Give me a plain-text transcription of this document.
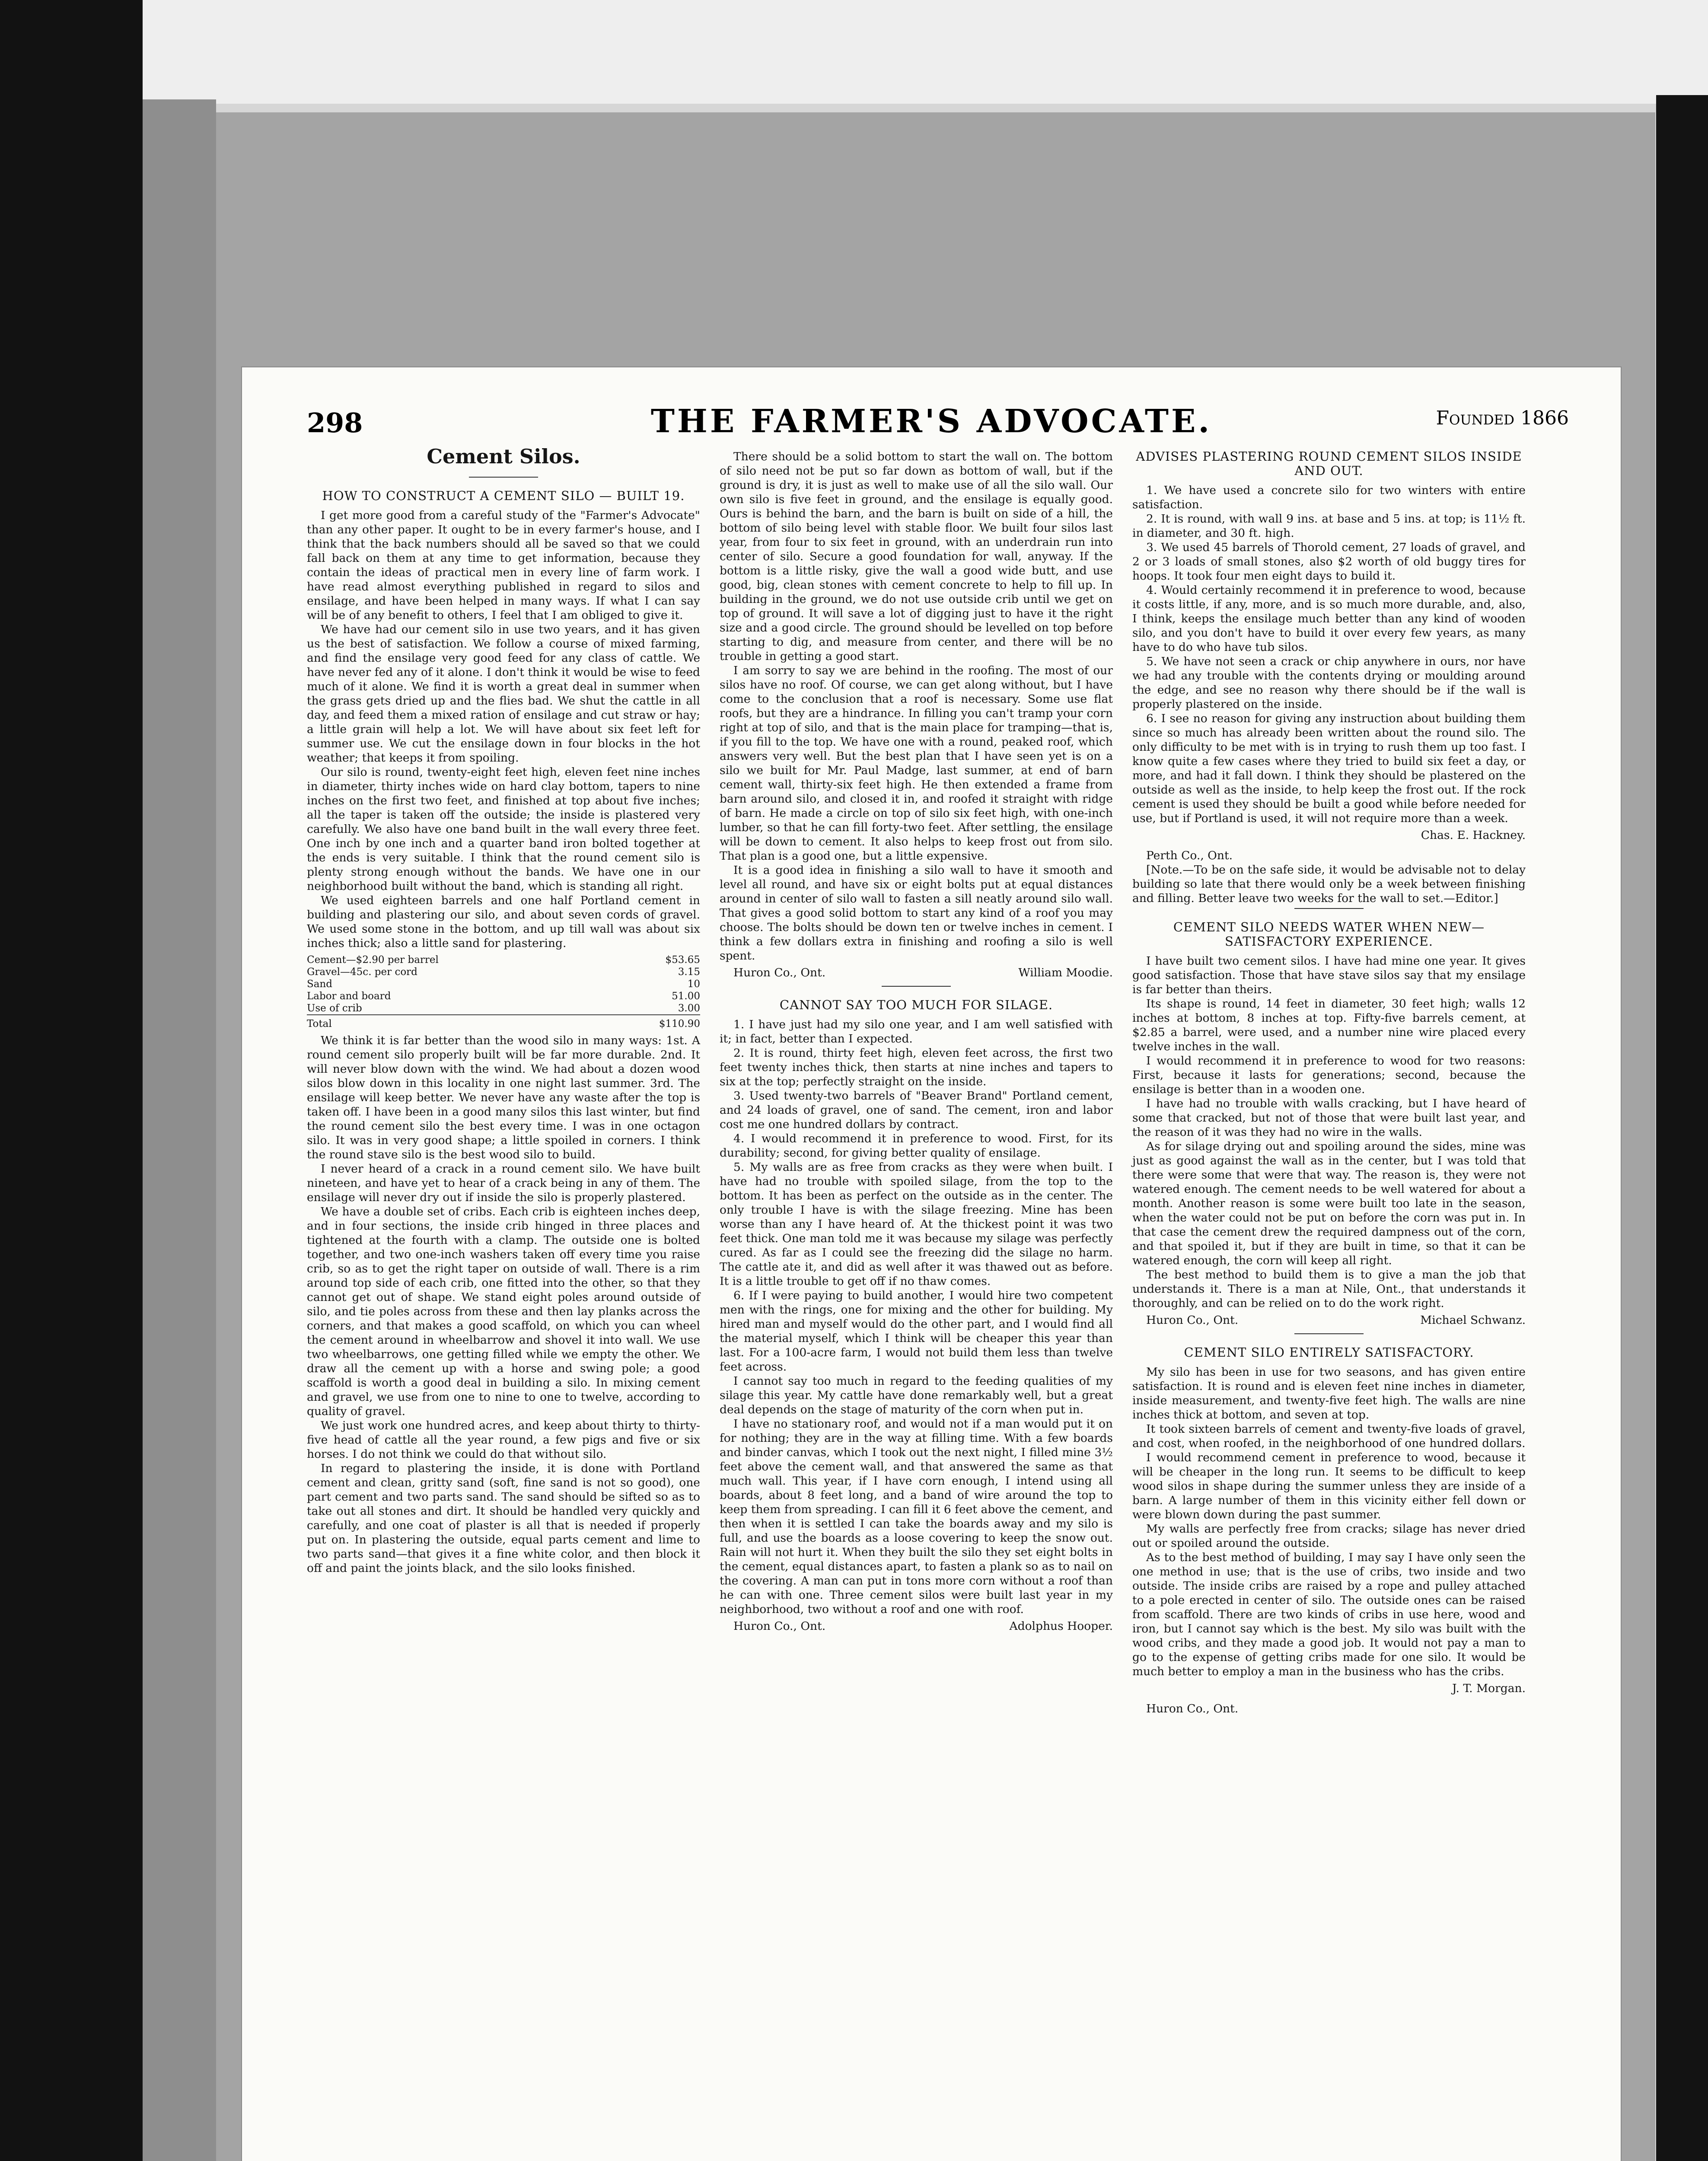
298	THE FARMER'S ADVOCATE.	Founded 1866
Cement Silos.
HOW TO CONSTRUCT A CEMENT SILO — BUILT 19.

I get more good from a careful study of the "Farmer's Advocate" than any other paper. It ought to be in every farmer's house, and I think that the back numbers should all be saved so that we could fall back on them at any time to get information, because they contain the ideas of practical men in every line of farm work. I have read almost everything published in regard to silos and ensilage, and have been helped in many ways. If what I can say will be of any benefit to others, I feel that I am obliged to give it.

We have had our cement silo in use two years, and it has given us the best of satisfaction. We follow a course of mixed farming, and find the ensilage very good feed for any class of cattle. We have never fed any of it alone. I don't think it would be wise to feed much of it alone. We find it is worth a great deal in summer when the grass gets dried up and the flies bad. We shut the cattle in all day, and feed them a mixed ration of ensilage and cut straw or hay; a little grain will help a lot. We will have about six feet left for summer use. We cut the ensilage down in four blocks in the hot weather; that keeps it from spoiling.

Our silo is round, twenty-eight feet high, eleven feet nine inches in diameter, thirty inches wide on hard clay bottom, tapers to nine inches on the first two feet, and finished at top about five inches; all the taper is taken off the outside; the inside is plastered very carefully. We also have one band built in the wall every three feet. One inch by one inch and a quarter band iron bolted together at the ends is very suitable. I think that the round cement silo is plenty strong enough without the bands. We have one in our neighborhood built without the band, which is standing all right.

We used eighteen barrels and one half Portland cement in building and plastering our silo, and about seven cords of gravel. We used some stone in the bottom, and up till wall was about six inches thick; also a little sand for plastering.

Cement—$2.90 per barrel	$53.65
Gravel—45c. per cord	3.15
Sand	10
Labor and board	51.00
Use of crib	3.00
Total	$110.90

We think it is far better than the wood silo in many ways: 1st. A round cement silo properly built will be far more durable. 2nd. It will never blow down with the wind. We had about a dozen wood silos blow down in this locality in one night last summer. 3rd. The ensilage will keep better. We never have any waste after the top is taken off. I have been in a good many silos this last winter, but find the round cement silo the best every time. I was in one octagon silo. It was in very good shape; a little spoiled in corners. I think the round stave silo is the best wood silo to build.

I never heard of a crack in a round cement silo. We have built nineteen, and have yet to hear of a crack being in any of them. The ensilage will never dry out if inside the silo is properly plastered.

We have a double set of cribs. Each crib is eighteen inches deep, and in four sections, the inside crib hinged in three places and tightened at the fourth with a clamp. The outside one is bolted together, and two one-inch washers taken off every time you raise crib, so as to get the right taper on outside of wall. There is a rim around top side of each crib, one fitted into the other, so that they cannot get out of shape. We stand eight poles around outside of silo, and tie poles across from these and then lay planks across the corners, and that makes a good scaffold, on which you can wheel the cement around in wheelbarrow and shovel it into wall. We use two wheelbarrows, one getting filled while we empty the other. We draw all the cement up with a horse and swing pole; a good scaffold is worth a good deal in building a silo. In mixing cement and gravel, we use from one to nine to one to twelve, according to quality of gravel.

We just work one hundred acres, and keep about thirty to thirty-five head of cattle all the year round, a few pigs and five or six horses. I do not think we could do that without silo.

In regard to plastering the inside, it is done with Portland cement and clean, gritty sand (soft, fine sand is not so good), one part cement and two parts sand. The sand should be sifted so as to take out all stones and dirt. It should be handled very quickly and carefully, and one coat of plaster is all that is needed if properly put on. In plastering the outside, equal parts cement and lime to two parts sand—that gives it a fine white color, and then block it off and paint the joints black, and the silo looks finished.

There should be a solid bottom to start the wall on. The bottom of silo need not be put so far down as bottom of wall, but if the ground is dry, it is just as well to make use of all the silo wall. Our own silo is five feet in ground, and the ensilage is equally good. Ours is behind the barn, and the barn is built on side of a hill, the bottom of silo being level with stable floor. We built four silos last year, from four to six feet in ground, with an underdrain run into center of silo. Secure a good foundation for wall, anyway. If the bottom is a little risky, give the wall a good wide butt, and use good, big, clean stones with cement concrete to help to fill up. In building in the ground, we do not use outside crib until we get on top of ground. It will save a lot of digging just to have it the right size and a good circle. The ground should be levelled on top before starting to dig, and measure from center, and there will be no trouble in getting a good start.

I am sorry to say we are behind in the roofing. The most of our silos have no roof. Of course, we can get along without, but I have come to the conclusion that a roof is necessary. Some use flat roofs, but they are a hindrance. In filling you can't tramp your corn right at top of silo, and that is the main place for tramping—that is, if you fill to the top. We have one with a round, peaked roof, which answers very well. But the best plan that I have seen yet is on a silo we built for Mr. Paul Madge, last summer, at end of barn cement wall, thirty-six feet high. He then extended a frame from barn around silo, and closed it in, and roofed it straight with ridge of barn. He made a circle on top of silo six feet high, with one-inch lumber, so that he can fill forty-two feet. After settling, the ensilage will be down to cement. It also helps to keep frost out from silo. That plan is a good one, but a little expensive.

It is a good idea in finishing a silo wall to have it smooth and level all round, and have six or eight bolts put at equal distances around in center of silo wall to fasten a sill neatly around silo wall. That gives a good solid bottom to start any kind of a roof you may choose. The bolts should be down ten or twelve inches in cement. I think a few dollars extra in finishing and roofing a silo is well spent.

Huron Co., Ont.	William Moodie.
CANNOT SAY TOO MUCH FOR SILAGE.

1. I have just had my silo one year, and I am well satisfied with it; in fact, better than I expected.

2. It is round, thirty feet high, eleven feet across, the first two feet twenty inches thick, then starts at nine inches and tapers to six at the top; perfectly straight on the inside.

3. Used twenty-two barrels of "Beaver Brand" Portland cement, and 24 loads of gravel, one of sand. The cement, iron and labor cost me one hundred dollars by contract.

4. I would recommend it in preference to wood. First, for its durability; second, for giving better quality of ensilage.

5. My walls are as free from cracks as they were when built. I have had no trouble with spoiled silage, from the top to the bottom. It has been as perfect on the outside as in the center. The only trouble I have is with the silage freezing. Mine has been worse than any I have heard of. At the thickest point it was two feet thick. One man told me it was because my silage was perfectly cured. As far as I could see the freezing did the silage no harm. The cattle ate it, and did as well after it was thawed out as before. It is a little trouble to get off if no thaw comes.

6. If I were paying to build another, I would hire two competent men with the rings, one for mixing and the other for building. My hired man and myself would do the other part, and I would find all the material myself, which I think will be cheaper this year than last. For a 100-acre farm, I would not build them less than twelve feet across.

I cannot say too much in regard to the feeding qualities of my silage this year. My cattle have done remarkably well, but a great deal depends on the stage of maturity of the corn when put in.

I have no stationary roof, and would not if a man would put it on for nothing; they are in the way at filling time. With a few boards and binder canvas, which I took out the next night, I filled mine 3½ feet above the cement wall, and that answered the same as that much wall. This year, if I have corn enough, I intend using all boards, about 8 feet long, and a band of wire around the top to keep them from spreading. I can fill it 6 feet above the cement, and then when it is settled I can take the boards away and my silo is full, and use the boards as a loose covering to keep the snow out. Rain will not hurt it. When they built the silo they set eight bolts in the cement, equal distances apart, to fasten a plank so as to nail on the covering. A man can put in tons more corn without a roof than he can with one. Three cement silos were built last year in my neighborhood, two without a roof and one with roof.

Huron Co., Ont.	Adolphus Hooper.
ADVISES PLASTERING ROUND CEMENT SILOS INSIDE AND OUT.

1. We have used a concrete silo for two winters with entire satisfaction.

2. It is round, with wall 9 ins. at base and 5 ins. at top; is 11½ ft. in diameter, and 30 ft. high.

3. We used 45 barrels of Thorold cement, 27 loads of gravel, and 2 or 3 loads of small stones, also $2 worth of old buggy tires for hoops. It took four men eight days to build it.

4. Would certainly recommend it in preference to wood, because it costs little, if any, more, and is so much more durable, and, also, I think, keeps the ensilage much better than any kind of wooden silo, and you don't have to build it over every few years, as many have to do who have tub silos.

5. We have not seen a crack or chip anywhere in ours, nor have we had any trouble with the contents drying or moulding around the edge, and see no reason why there should be if the wall is properly plastered on the inside.

6. I see no reason for giving any instruction about building them since so much has already been written about the round silo. The only difficulty to be met with is in trying to rush them up too fast. I know quite a few cases where they tried to build six feet a day, or more, and had it fall down. I think they should be plastered on the outside as well as the inside, to help keep the frost out. If the rock cement is used they should be built a good while before needed for use, but if Portland is used, it will not require more than a week.

Chas. E. Hackney.

Perth Co., Ont.

[Note.—To be on the safe side, it would be advisable not to delay building so late that there would only be a week between finishing and filling. Better leave two weeks for the wall to set.—Editor.]

CEMENT SILO NEEDS WATER WHEN NEW—SATISFACTORY EXPERIENCE.

I have built two cement silos. I have had mine one year. It gives good satisfaction. Those that have stave silos say that my ensilage is far better than theirs.

Its shape is round, 14 feet in diameter, 30 feet high; walls 12 inches at bottom, 8 inches at top. Fifty-five barrels cement, at $2.85 a barrel, were used, and a number nine wire placed every twelve inches in the wall.

I would recommend it in preference to wood for two reasons: First, because it lasts for generations; second, because the ensilage is better than in a wooden one.

I have had no trouble with walls cracking, but I have heard of some that cracked, but not of those that were built last year, and the reason of it was they had no wire in the walls.

As for silage drying out and spoiling around the sides, mine was just as good against the wall as in the center, but I was told that there were some that were that way. The reason is, they were not watered enough. The cement needs to be well watered for about a month. Another reason is some were built too late in the season, when the water could not be put on before the corn was put in. In that case the cement drew the required dampness out of the corn, and that spoiled it, but if they are built in time, so that it can be watered enough, the corn will keep all right.

The best method to build them is to give a man the job that understands it. There is a man at Nile, Ont., that understands it thoroughly, and can be relied on to do the work right.

Huron Co., Ont.	Michael Schwanz.
CEMENT SILO ENTIRELY SATISFACTORY.

My silo has been in use for two seasons, and has given entire satisfaction. It is round and is eleven feet nine inches in diameter, inside measurement, and twenty-five feet high. The walls are nine inches thick at bottom, and seven at top.

It took sixteen barrels of cement and twenty-five loads of gravel, and cost, when roofed, in the neighborhood of one hundred dollars.

I would recommend cement in preference to wood, because it will be cheaper in the long run. It seems to be difficult to keep wood silos in shape during the summer unless they are inside of a barn. A large number of them in this vicinity either fell down or were blown down during the past summer.

My walls are perfectly free from cracks; silage has never dried out or spoiled around the outside.

As to the best method of building, I may say I have only seen the one method in use; that is the use of cribs, two inside and two outside. The inside cribs are raised by a rope and pulley attached to a pole erected in center of silo. The outside ones can be raised from scaffold. There are two kinds of cribs in use here, wood and iron, but I cannot say which is the best. My silo was built with the wood cribs, and they made a good job. It would not pay a man to go to the expense of getting cribs made for one silo. It would be much better to employ a man in the business who has the cribs.

J. T. Morgan.

Huron Co., Ont.
